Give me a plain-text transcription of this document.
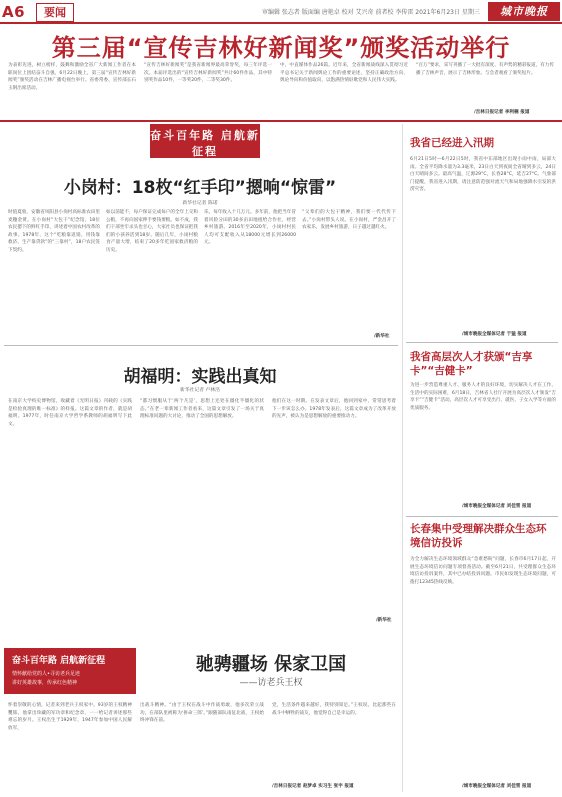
A6	要闻	审编辑 张志者 版面编 唐艳卓 校对 艾兴奇 前者校 李传雷 2021年6月23日 星期三	城市晚报
第三届“宣传吉林好新闻奖”颁奖活动举行
为表彰先进，树立榜样，鼓舞和激励全省广大新闻工作者在本职岗位上团结奋斗自强，6月22日晚上，第三届“宣传吉林好新闻奖”颁奖活动在吉林广播电视台举行。省委常委、宣传部长石玉钢出席活动。
“宣传吉林好新闻奖”是我省新闻界最高荣誉奖，每三年评选一次。本届评选出的“宣传吉林好新闻奖”共计60件作品，其中特别奖作品10件，一等奖20件，二等奖30件。
中，中直媒体作品26篇。近年来，全省新闻战线深入贯彻习近平总书记关于新闻舆论工作的重要论述，坚持正确政治方向、舆论导向和价值取向，以饱满热情讴歌党和人民伟大实践。
“百万”要求，采写刊播了一大批有深度、有声势的精彩报道，有力传播了吉林声音，展示了吉林形象。与会者观看了颁奖短片。
/吉林日报记者 李利楠 报道
奋斗百年路 启航新征程
数风流人物
小岗村：18枚“红手印”摁响“惊雷”
新华社记者 陈诺
时值夏收，安徽省凤阳县小岗村高标准农田里麦穗金黄。在小岗村“大包干”纪念馆，18位农民摁下的鲜红手印，讲述着中国农村改革的故事。1978年，这个“吃粮靠返销、用钱靠救济、生产靠贷款”的“三靠村”，18户农民签下契约。
如以前能不，每户保证完成每户的全年上交和公粮，不再向国家伸手要钱要粮。如不成，我们干部坐牢杀头也甘心，大家社员也保证把我们的小孩养活到18岁。随后几年，小岗村粮食产量大增，结束了20多年吃国家救济粮的历史。
乐，每年收入十几万元。多年前，他把当年冒着风险分田的30多亩田地租给合作社，经营乡村旅游。2016年至2020年，小岗村村民人均可支配收入从18000元增长到26000元。
“父辈们的大包干精神，我们要一代代传下去。”小岗村带头人说。在小岗村，严金昌开了农家乐，发展乡村旅游，日子越过越红火。
/新华社
胡福明：实践出真知
新华社记者 卢林浩
在南京大学校史博物馆，收藏着《光明日报》刊载的《实践是检验真理的唯一标准》的样报。这篇文章的作者，就是胡福明。1977年，时任南京大学哲学系教师的胡福明写下此文。
“都习惯服从于‘两个凡是’，思想上还处在僵化半僵化的状态。”在老一辈新闻工作者看来，这篇文章引发了一场关于真理标准问题的大讨论，推动了全国的思想解放。
他们在这一时期。在发表文章后，他回到家中，常常思考着下一步该怎么办。1978年发表后，这篇文章成为了改革开放的先声，被认为是思想解放的重要推动力。
/新华社
奋斗百年路 启航新征程
情怀献给党的人•寻访老兵足迹
讲好英雄故事，传承红色精神
驰骋疆场 保家卫国
——访老兵王权
怀着崇敬的心情，记者来到老兵王权家中。93岁的王权精神矍铄，他拿出珍藏的军功章和纪念章，一一给记者讲述那些难忘的岁月。王权出生于1929年，1947年参加中国人民解放军，
出战斗精神。“由于王权在战斗中作战勇敢，他多次荣立战功，在部队里被称为‘拼命三郎’。”跟随部队南征北战，王权始终冲锋在前。
党，生活条件越来越好，我特别知足。”王权说。比起那些在战斗中牺牲的战友，他觉得自己是幸运的。
/吉林日报记者 赵梦卓 实习生 张宇 报道
我省已经进入汛期
6月21日5时—6月22日5时，我省中东部地区出现小雨中雨，局部大雨。全省平均降水量为3.3毫米，23日白天到夜间全省晴到多云，24日白天晴间多云。最高气温，辽源29°C，长春28°C，延吉27°C。气象部门提醒，我省进入汛期，请注意防范强对流天气和局地强降水引发的洪涝灾害。
/城市晚报全媒体记者 于猛 报道
我省高层次人才获颁“吉享卡”“吉健卡”
为进一步营造尊重人才、服务人才的良好环境，切实解决人才在工作、生活中的实际困难，6月18日，吉林省人社厅开展为高层次人才颁发“吉享卡”“吉健卡”活动。高层次人才可享受出行、就医、子女入学等方面的优质服务。
/城市晚报全媒体记者 刘佳雪 报道
长春集中受理解决群众生态环境信访投诉
为全力解决生态环境领域群众“急难愁盼”问题，长春市6月17日起，开展生态环境信访问题专项督查活动。截至6月21日，共受理群众生态环境信访投诉案件，其中已办结投诉问题。市民如发现生态环境问题，可拨打12345热线反映。
/城市晚报全媒体记者 刘佳雪 报道
